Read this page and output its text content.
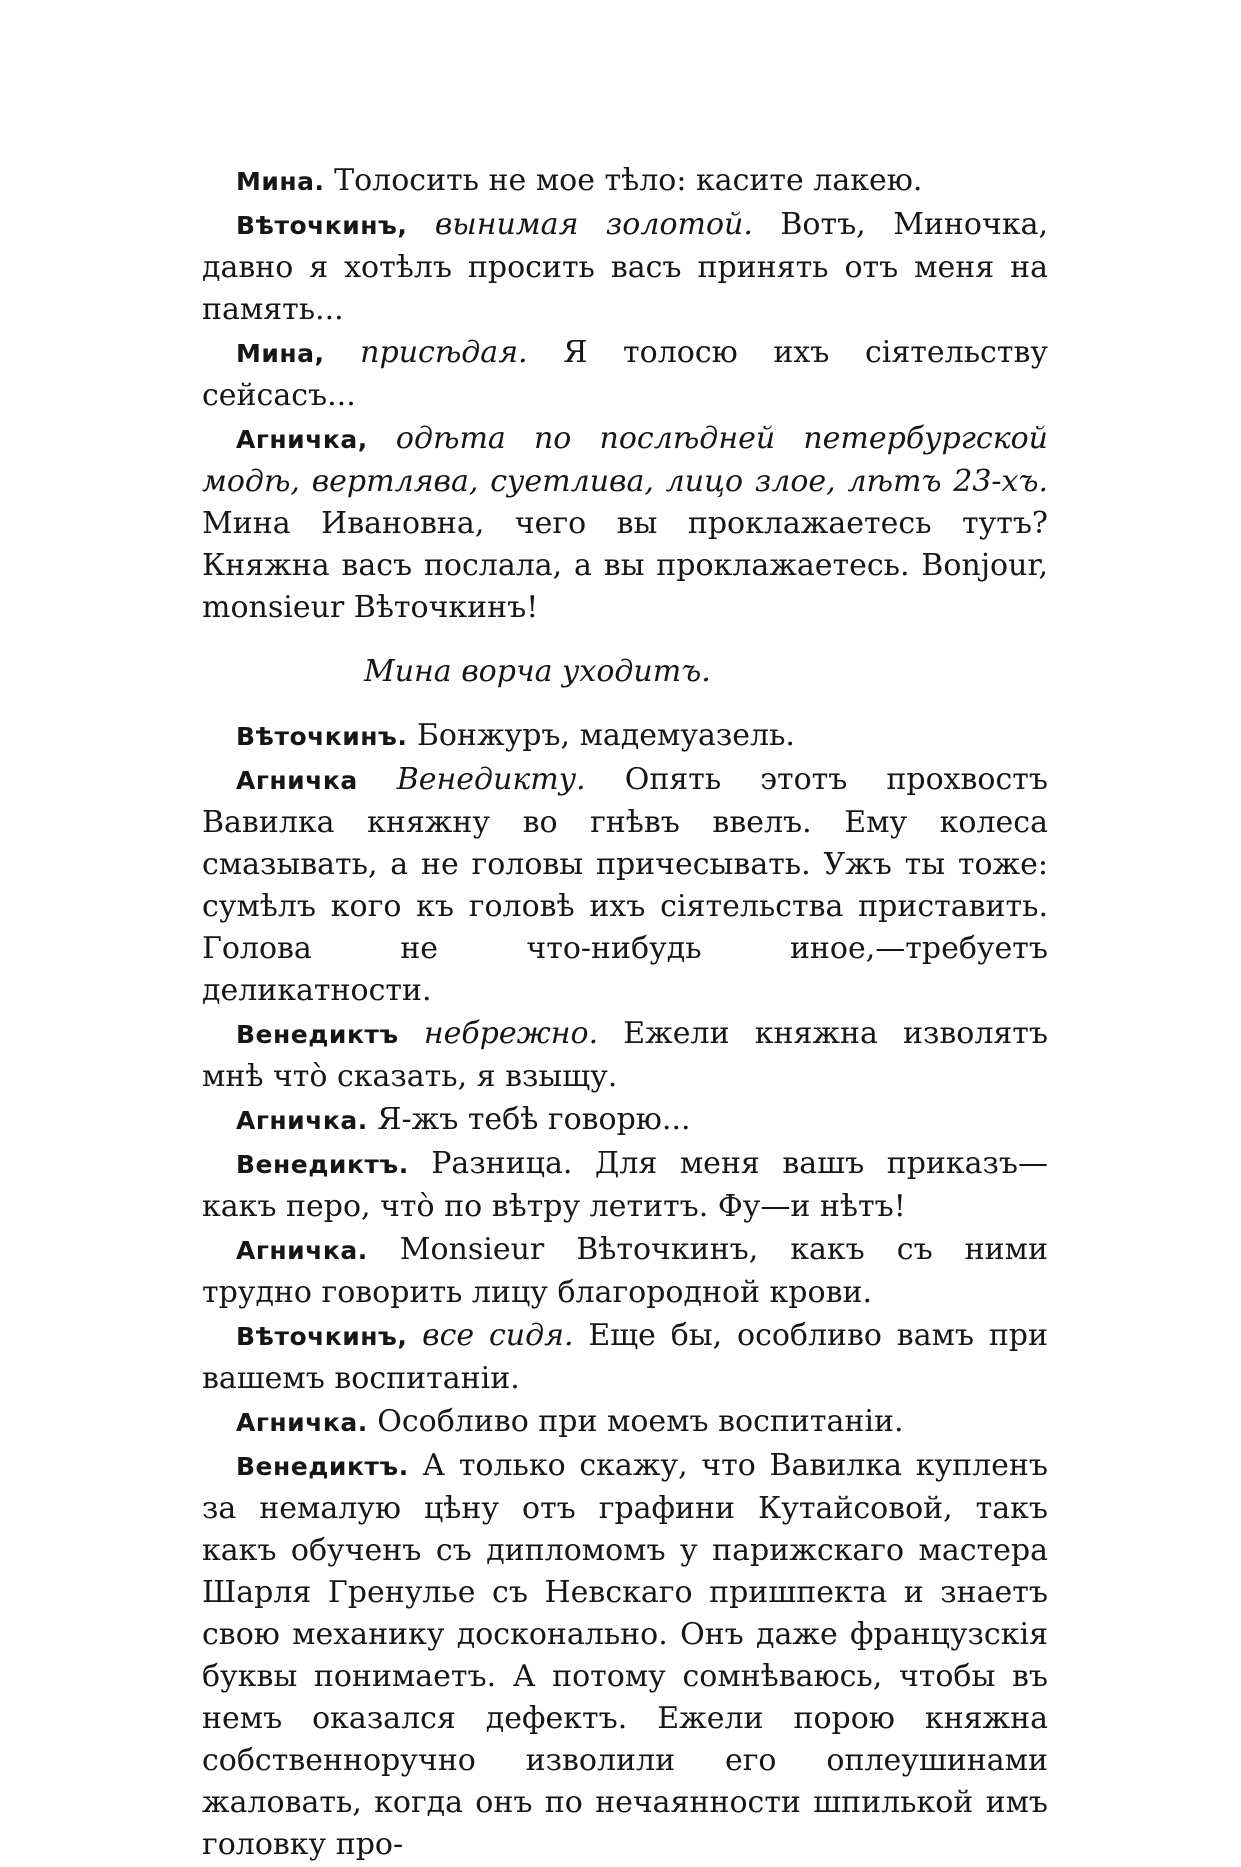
Мина. Толосить не мое тѣло: каситe лакею.

Вѣточкинъ, вынимая золотой. Вотъ, Миночка, давно я хотѣлъ просить васъ принять отъ меня на память...

Мина, присѣдая. Я толосю ихъ сіятельству сейсасъ...

Агничка, одѣта по послѣдней петербургской модѣ, вертлява, суетлива, лицо злое, лѣтъ 23-хъ. Мина Ивановна, чего вы проклажаетесь тутъ? Княжна васъ послала, а вы проклажаетесь. Bonjour, monsieur Вѣточкинъ!

Мина ворча уходитъ.

Вѣточкинъ. Бонжуръ, мадемуазель.

Агничка Венедикту. Опять этотъ прохвостъ Вавилка княжну во гнѣвъ ввелъ. Ему колеса смазывать, а не головы причесывать. Ужъ ты тоже: сумѣлъ кого къ головѣ ихъ сіятельства приставить. Голова не что-нибудь иное,—требуетъ деликатности.

Венедиктъ небрежно. Ежели княжна изволятъ мнѣ что̀ сказать, я взыщу.

Агничка. Я-жъ тебѣ говорю...

Венедиктъ. Разница. Для меня вашъ приказъ—какъ перо, что̀ по вѣтру летитъ. Фу—и нѣтъ!

Агничка. Monsieur Вѣточкинъ, какъ съ ними трудно говорить лицу благородной крови.

Вѣточкинъ, все сидя. Еще бы, особливо вамъ при вашемъ воспитаніи.

Агничка. Особливо при моемъ воспитаніи.

Венедиктъ. А только скажу, что Вавилка купленъ за немалую цѣну отъ графини Кутайсовой, такъ какъ обученъ съ дипломомъ у парижскаго мастера Шарля Гренулье съ Невскаго пришпекта и знаетъ свою механику досконально. Онъ даже французскія буквы понимаетъ. А потому сомнѣваюсь, чтобы въ немъ оказался дефектъ. Ежели порою княжна собственноручно изволили его оплеушинами жаловать, когда онъ по нечаянности шпилькой имъ головку про-
